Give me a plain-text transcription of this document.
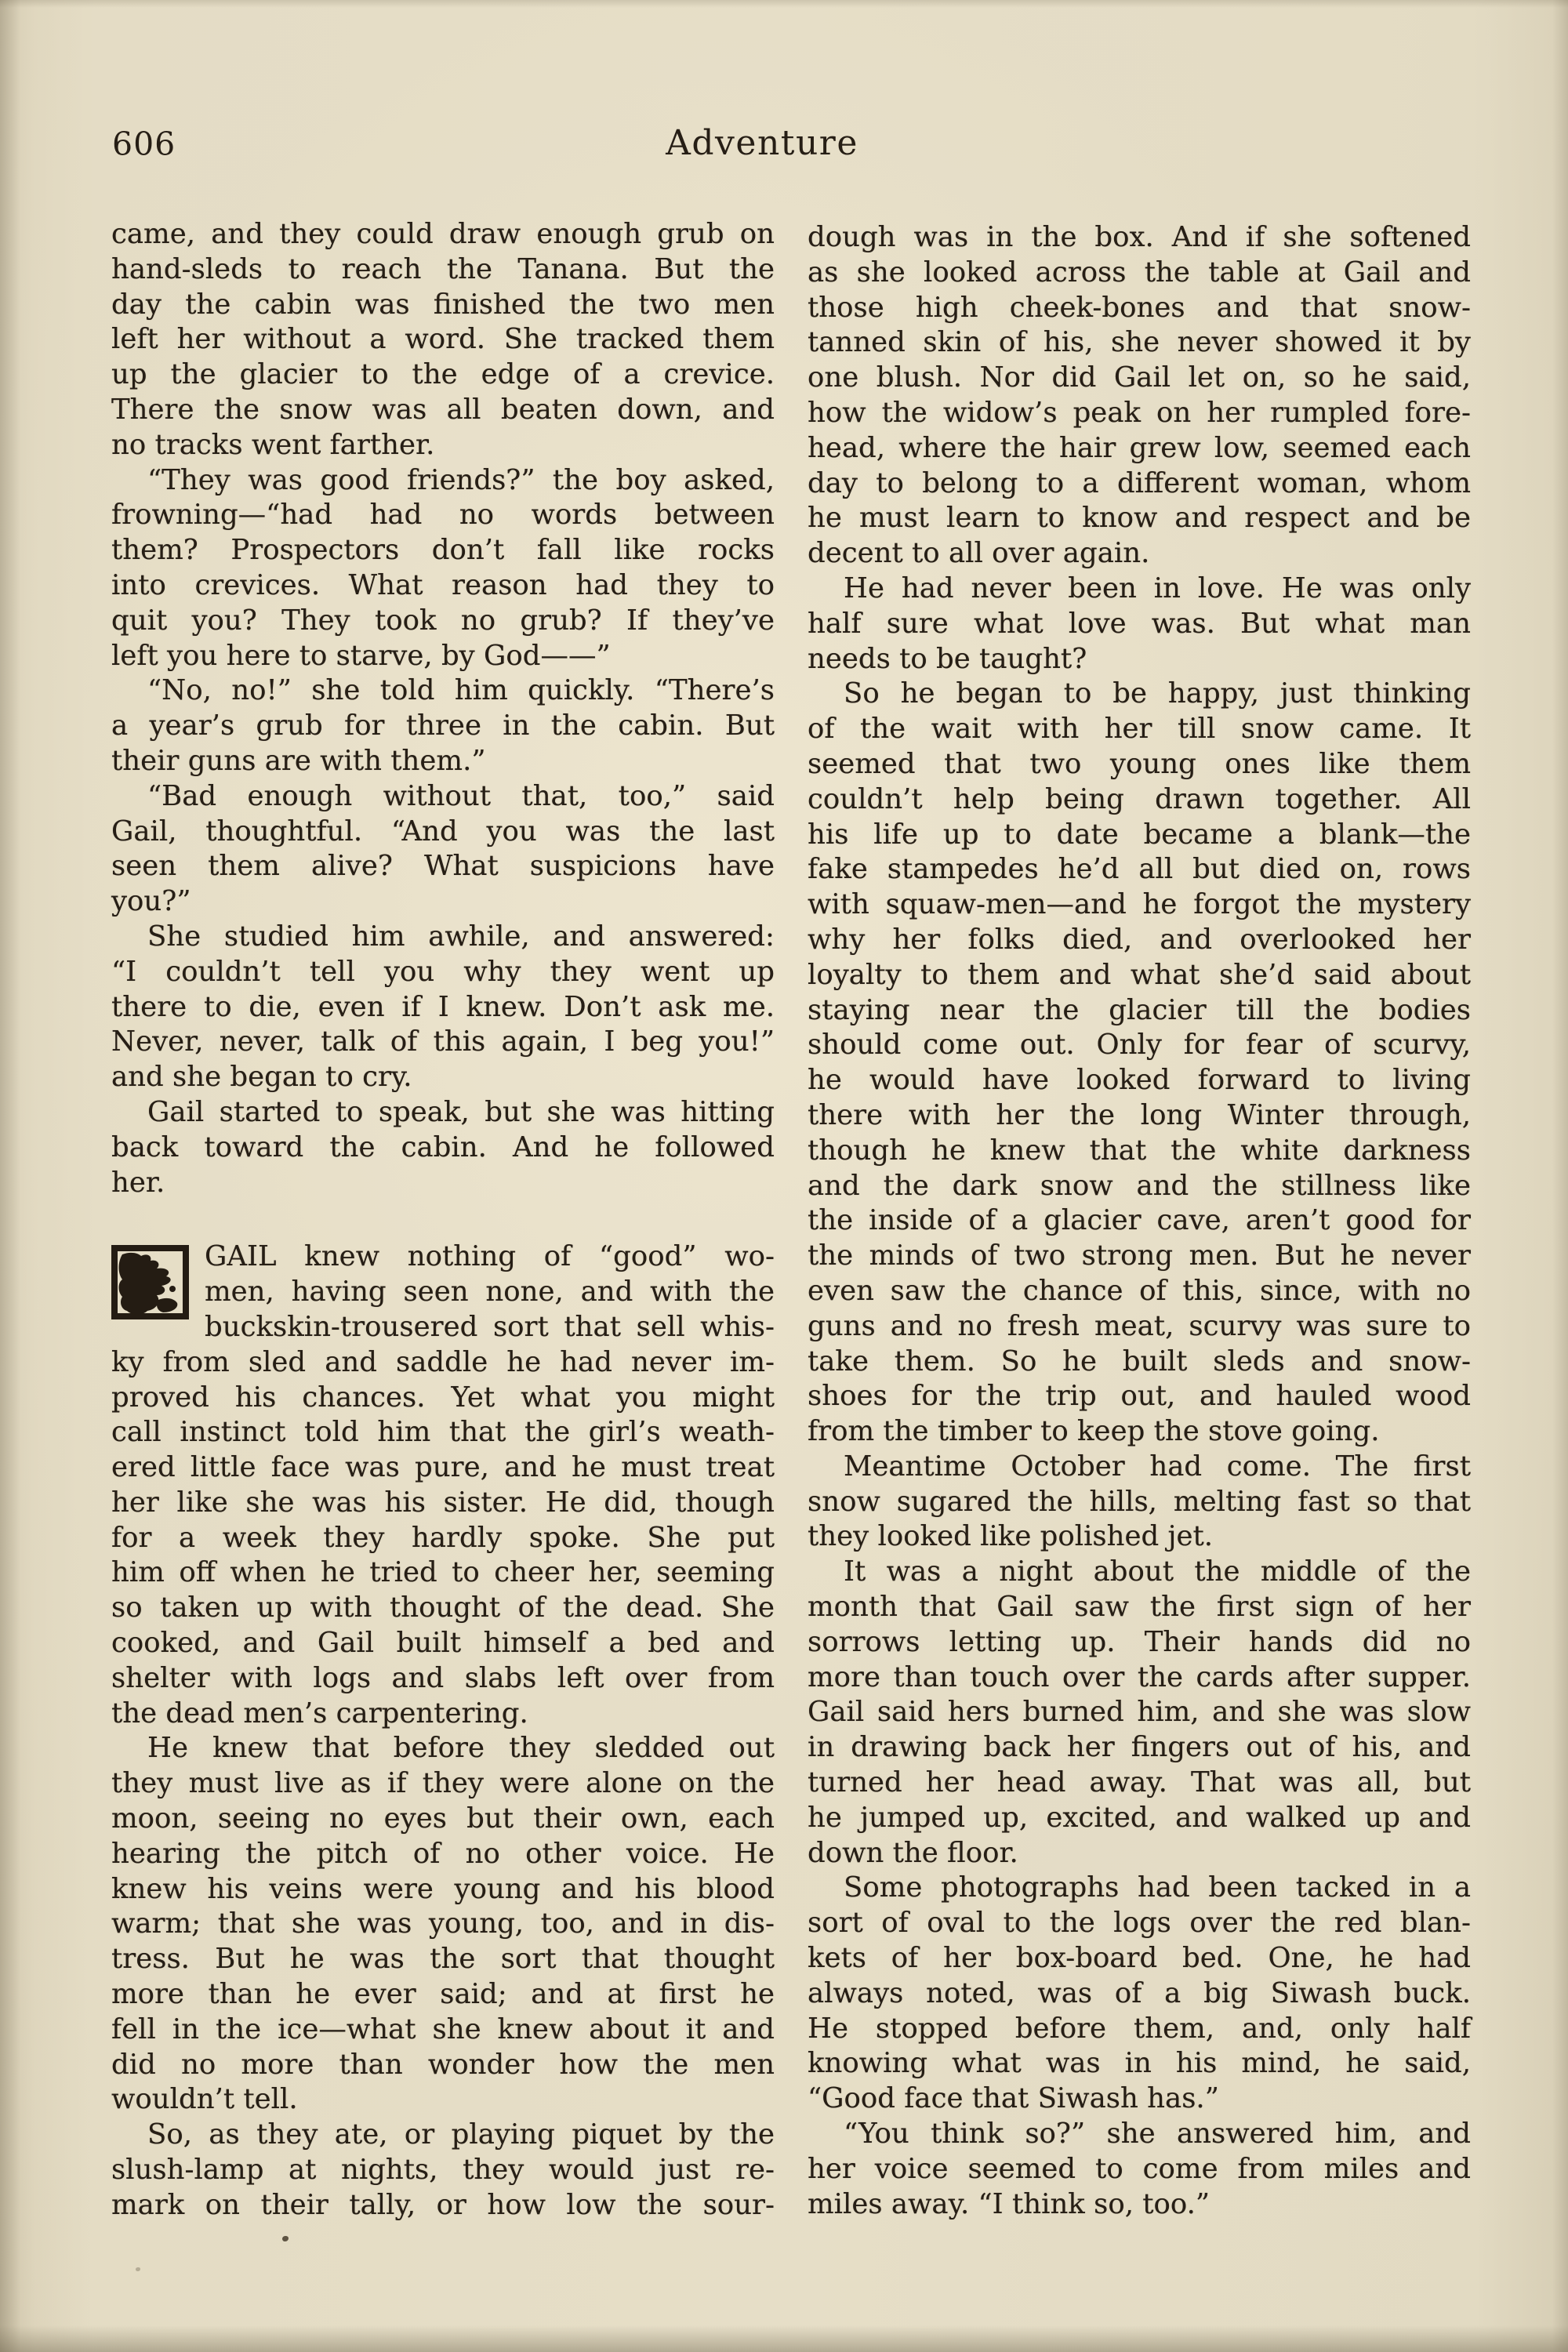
606	Adventure
came, and they could draw enough grub on
hand-sleds to reach the Tanana. But the
day the cabin was finished the two men
left her without a word. She tracked them
up the glacier to the edge of a crevice.
There the snow was all beaten down, and
no tracks went farther.
“They was good friends?” the boy asked,
frowning—“had had no words between
them? Prospectors don’t fall like rocks
into crevices. What reason had they to
quit you? They took no grub? If they’ve
left you here to starve, by God——”
“No, no!” she told him quickly. “There’s
a year’s grub for three in the cabin. But
their guns are with them.”
“Bad enough without that, too,” said
Gail, thoughtful. “And you was the last
seen them alive? What suspicions have
you?”
She studied him awhile, and answered:
“I couldn’t tell you why they went up
there to die, even if I knew. Don’t ask me.
Never, never, talk of this again, I beg you!”
and she began to cry.
Gail started to speak, but she was hitting
back toward the cabin. And he followed
her.
GAIL knew nothing of “good” wo-
men, having seen none, and with the
buckskin-trousered sort that sell whis-
ky from sled and saddle he had never im-
proved his chances. Yet what you might
call instinct told him that the girl’s weath-
ered little face was pure, and he must treat
her like she was his sister. He did, though
for a week they hardly spoke. She put
him off when he tried to cheer her, seeming
so taken up with thought of the dead. She
cooked, and Gail built himself a bed and
shelter with logs and slabs left over from
the dead men’s carpentering.
He knew that before they sledded out
they must live as if they were alone on the
moon, seeing no eyes but their own, each
hearing the pitch of no other voice. He
knew his veins were young and his blood
warm; that she was young, too, and in dis-
tress. But he was the sort that thought
more than he ever said; and at first he
fell in the ice—what she knew about it and
did no more than wonder how the men
wouldn’t tell.
So, as they ate, or playing piquet by the
slush-lamp at nights, they would just re-
mark on their tally, or how low the sour-
dough was in the box. And if she softened
as she looked across the table at Gail and
those high cheek-bones and that snow-
tanned skin of his, she never showed it by
one blush. Nor did Gail let on, so he said,
how the widow’s peak on her rumpled fore-
head, where the hair grew low, seemed each
day to belong to a different woman, whom
he must learn to know and respect and be
decent to all over again.
He had never been in love. He was only
half sure what love was. But what man
needs to be taught?
So he began to be happy, just thinking
of the wait with her till snow came. It
seemed that two young ones like them
couldn’t help being drawn together. All
his life up to date became a blank—the
fake stampedes he’d all but died on, rows
with squaw-men—and he forgot the mystery
why her folks died, and overlooked her
loyalty to them and what she’d said about
staying near the glacier till the bodies
should come out. Only for fear of scurvy,
he would have looked forward to living
there with her the long Winter through,
though he knew that the white darkness
and the dark snow and the stillness like
the inside of a glacier cave, aren’t good for
the minds of two strong men. But he never
even saw the chance of this, since, with no
guns and no fresh meat, scurvy was sure to
take them. So he built sleds and snow-
shoes for the trip out, and hauled wood
from the timber to keep the stove going.
Meantime October had come. The first
snow sugared the hills, melting fast so that
they looked like polished jet.
It was a night about the middle of the
month that Gail saw the first sign of her
sorrows letting up. Their hands did no
more than touch over the cards after supper.
Gail said hers burned him, and she was slow
in drawing back her fingers out of his, and
turned her head away. That was all, but
he jumped up, excited, and walked up and
down the floor.
Some photographs had been tacked in a
sort of oval to the logs over the red blan-
kets of her box-board bed. One, he had
always noted, was of a big Siwash buck.
He stopped before them, and, only half
knowing what was in his mind, he said,
“Good face that Siwash has.”
“You think so?” she answered him, and
her voice seemed to come from miles and
miles away. “I think so, too.”
